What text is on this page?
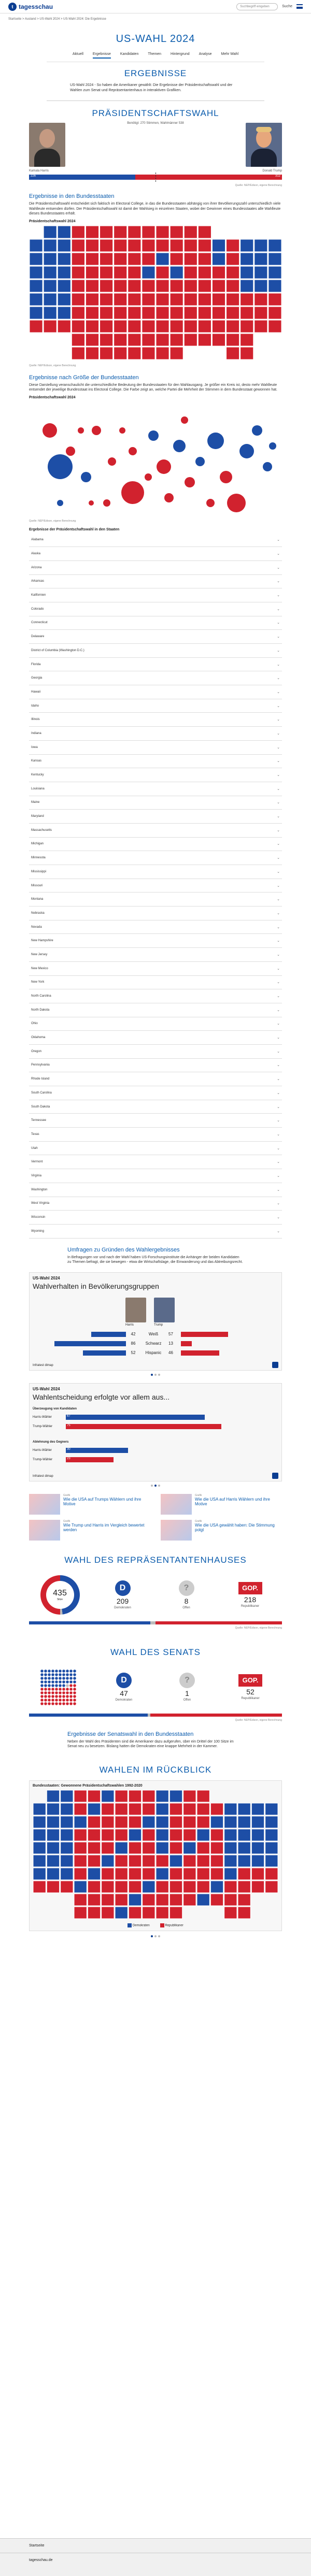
t tagesschau	Suchbegriff eingeben	Suche
Startseite > Ausland > US-Wahl 2024 > US-Wahl 2024: Die Ergebnisse
US-WAHL 2024
Aktuell	Ergebnisse	Kandidaten	Themen	Hintergrund	Analyse	Mehr Wahl
ERGEBNISSE
US-Wahl 2024 - So haben die Amerikaner gewählt: Die Ergebnisse der Präsidentschaftswahl und der Wahlen zum Senat und Repräsentantenhaus in interaktiven Grafiken.
PRÄSIDENTSCHAFTSWAHL
Benötigt: 270 Stimmen, Wahlmänner 538
Kamala Harris	Donald Trump
226	312
Quelle: NEP/Edison, eigene Berechnung
Ergebnisse in den Bundesstaaten
Die Präsidentschaftswahl entscheidet sich faktisch im Electoral College, in das die Bundesstaaten abhängig von ihrer Bevölkerungszahl unterschiedlich viele Wahlleute entsenden dürfen. Der Präsidentschaftswahl ist damit der Wahlsieg in einzelnen Staaten, wobei der Gewinner eines Bundesstaates alle Wahlleute dieses Bundesstaates erhält.
Präsidentschaftswahl 2024
Quelle: NEP/Edison, eigene Berechnung
Ergebnisse nach Größe der Bundesstaaten
Diese Darstellung veranschaulicht die unterschiedliche Bedeutung der Bundesstaaten für den Wahlausgang. Je größer ein Kreis ist, desto mehr Wahlleute entsendet der jeweilige Bundesstaat ins Electoral College. Die Farbe zeigt an, welche Partei die Mehrheit der Stimmen in dem Bundesstaat gewonnen hat.
Präsidentschaftswahl 2024
Quelle: NEP/Edison, eigene Berechnung
Ergebnisse der Präsidentschaftswahl in den Staaten
Alabama	⌄
Alaska	⌄
Arizona	⌄
Arkansas	⌄
Kalifornien	⌄
Colorado	⌄
Connecticut	⌄
Delaware	⌄
District of Columbia (Washington D.C.)	⌄
Florida	⌄
Georgia	⌄
Hawaii	⌄
Idaho	⌄
Illinois	⌄
Indiana	⌄
Iowa	⌄
Kansas	⌄
Kentucky	⌄
Louisiana	⌄
Maine	⌄
Maryland	⌄
Massachusetts	⌄
Michigan	⌄
Minnesota	⌄
Mississippi	⌄
Missouri	⌄
Montana	⌄
Nebraska	⌄
Nevada	⌄
New Hampshire	⌄
New Jersey	⌄
New Mexico	⌄
New York	⌄
North Carolina	⌄
North Dakota	⌄
Ohio	⌄
Oklahoma	⌄
Oregon	⌄
Pennsylvania	⌄
Rhode Island	⌄
South Carolina	⌄
South Dakota	⌄
Tennessee	⌄
Texas	⌄
Utah	⌄
Vermont	⌄
Virginia	⌄
Washington	⌄
West Virginia	⌄
Wisconsin	⌄
Wyoming	⌄
Umfragen zu Gründen des Wahlergebnisses
In Befragungen vor und nach der Wahl haben US-Forschungsinstitute die Anhänger der beiden Kandidaten zu Themen befragt, die sie bewegen - etwa die Wirtschaftslage, die Einwanderung und das Abtreibungsrecht.
US-Wahl 2024
Wahlverhalten in Bevölkerungsgruppen
Harris	Trump
42	Weiß	57
86	Schwarz	13
52	Hispanic	46
Infratest dimap
US-Wahl 2024
Wahlentscheidung erfolgte vor allem aus...
Überzeugung von Kandidaten
Harris-Wähler	67
Trump-Wähler	75
Ablehnung des Gegners
Harris-Wähler	30
Trump-Wähler	23
Infratest dimap
Grafik
Wie die USA auf Trumps Wählern und ihre Motive
Grafik
Wie die USA auf Harris Wählern und ihre Motive
Grafik
Wie Trump und Harris im Vergleich bewertet werden
Grafik
Wie die USA gewählt haben: Die Stimmung polgt
WAHL DES REPRÄSENTANTENHAUSES
435
Sitze
D
209
Demokraten
?
8
Offen
GOP.
218
Republikaner
Quelle: NEP/Edison, eigene Berechnung
WAHL DES SENATS
D
47
Demokraten
?
1
Offen
GOP.
52
Republikaner
Quelle: NEP/Edison, eigene Berechnung
Ergebnisse der Senatswahl in den Bundesstaaten
Neben der Wahl des Präsidenten sind die Amerikaner dazu aufgerufen, über ein Drittel der 100 Sitze im Senat neu zu besetzen. Bislang hatten die Demokraten eine knappe Mehrheit in der Kammer.
WAHLEN IM RÜCKBLICK
Bundesstaaten: Gewonnene Präsidentschaftswahlen 1992-2020
Demokraten	Republikaner
Startseite
tagesschau.de
